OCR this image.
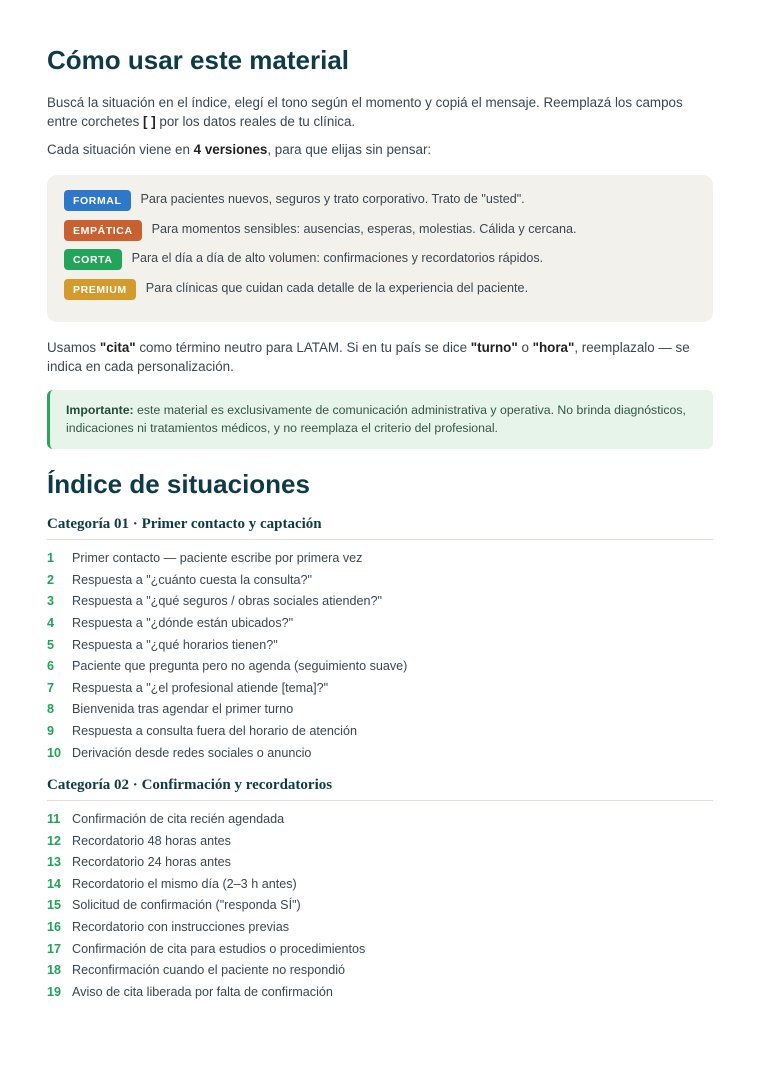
Cómo usar este material

Buscá la situación en el índice, elegí el tono según el momento y copiá el mensaje. Reemplazá los campos entre corchetes [ ] por los datos reales de tu clínica.

Cada situación viene en 4 versiones, para que elijas sin pensar:

FORMAL	Para pacientes nuevos, seguros y trato corporativo. Trato de "usted".
EMPÁTICA	Para momentos sensibles: ausencias, esperas, molestias. Cálida y cercana.
CORTA	Para el día a día de alto volumen: confirmaciones y recordatorios rápidos.
PREMIUM	Para clínicas que cuidan cada detalle de la experiencia del paciente.

Usamos "cita" como término neutro para LATAM. Si en tu país se dice "turno" o "hora", reemplazalo — se indica en cada personalización.

Importante: este material es exclusivamente de comunicación administrativa y operativa. No brinda diagnósticos, indicaciones ni tratamientos médicos, y no reemplaza el criterio del profesional.
Índice de situaciones
Categoría 01 · Primer contacto y captación
1	Primer contacto — paciente escribe por primera vez
2	Respuesta a "¿cuánto cuesta la consulta?"
3	Respuesta a "¿qué seguros / obras sociales atienden?"
4	Respuesta a "¿dónde están ubicados?"
5	Respuesta a "¿qué horarios tienen?"
6	Paciente que pregunta pero no agenda (seguimiento suave)
7	Respuesta a "¿el profesional atiende [tema]?"
8	Bienvenida tras agendar el primer turno
9	Respuesta a consulta fuera del horario de atención
10 Derivación desde redes sociales o anuncio
Categoría 02 · Confirmación y recordatorios
11 Confirmación de cita recién agendada
12 Recordatorio 48 horas antes
13 Recordatorio 24 horas antes
14 Recordatorio el mismo día (2–3 h antes)
15 Solicitud de confirmación ("responda SÍ")
16 Recordatorio con instrucciones previas
17 Confirmación de cita para estudios o procedimientos
18 Reconfirmación cuando el paciente no respondió
19 Aviso de cita liberada por falta de confirmación
